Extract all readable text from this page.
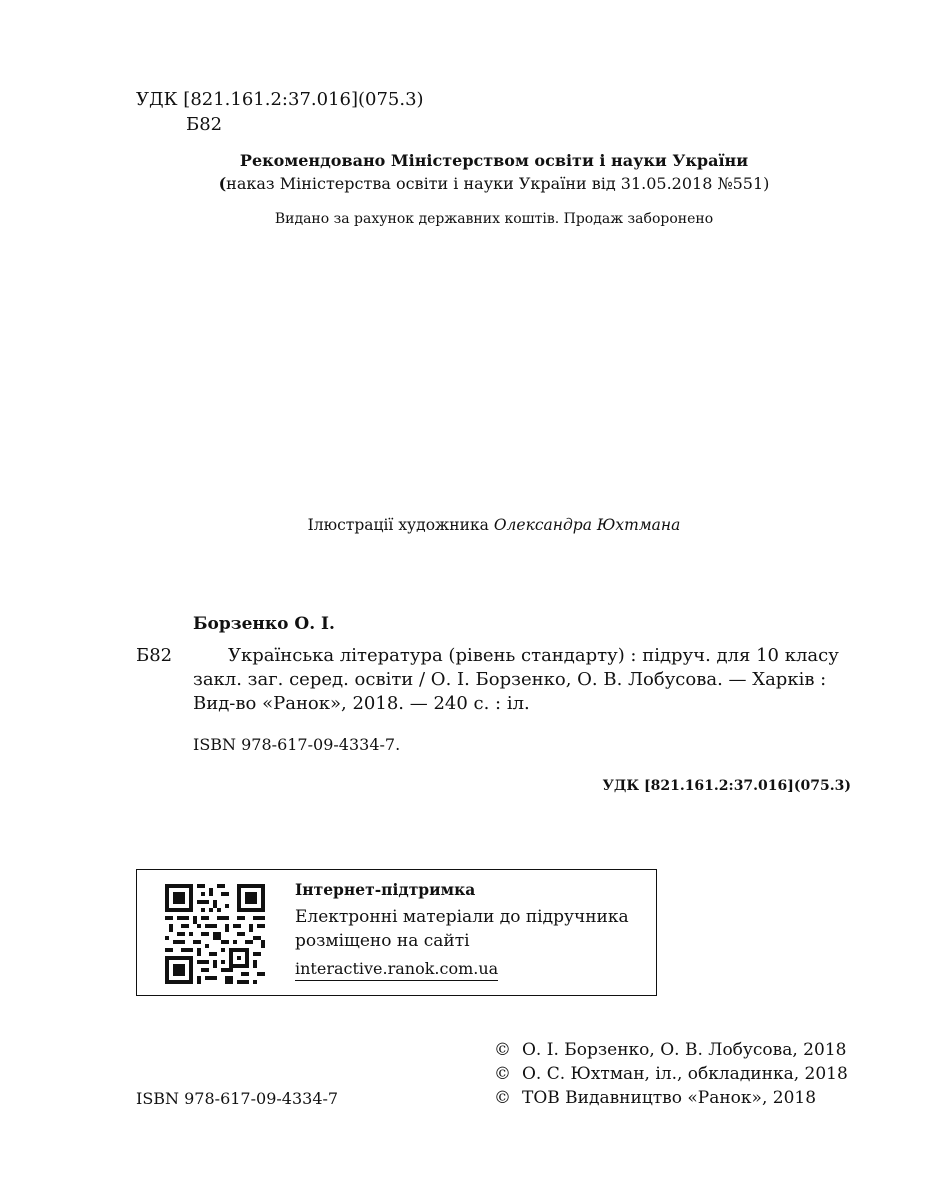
УДК [821.161.2:37.016](075.3)
Б82
Рекомендовано Міністерством освіти і науки України
(наказ Міністерства освіти і науки України від 31.05.2018 №551)
Видано за рахунок державних коштів. Продаж заборонено
Ілюстрації художника Олександра Юхтмана
Борзенко О. І.
Б82	Українська література (рівень стандарту) : підруч. для 10 класу
закл. заг. серед. освіти / О. І. Борзенко, О. В. Лобусова. — Харків :
Вид-во «Ранок», 2018. — 240 с. : іл.
ISBN 978-617-09-4334-7.
УДК [821.161.2:37.016](075.3)
Інтернет-підтримка
Електронні матеріали до підручника
розміщено на сайті
interactive.ranok.com.ua
© О. І. Борзенко, О. В. Лобусова, 2018
© О. С. Юхтман, іл., обкладинка, 2018
© ТОВ Видавництво «Ранок», 2018
ISBN 978-617-09-4334-7
